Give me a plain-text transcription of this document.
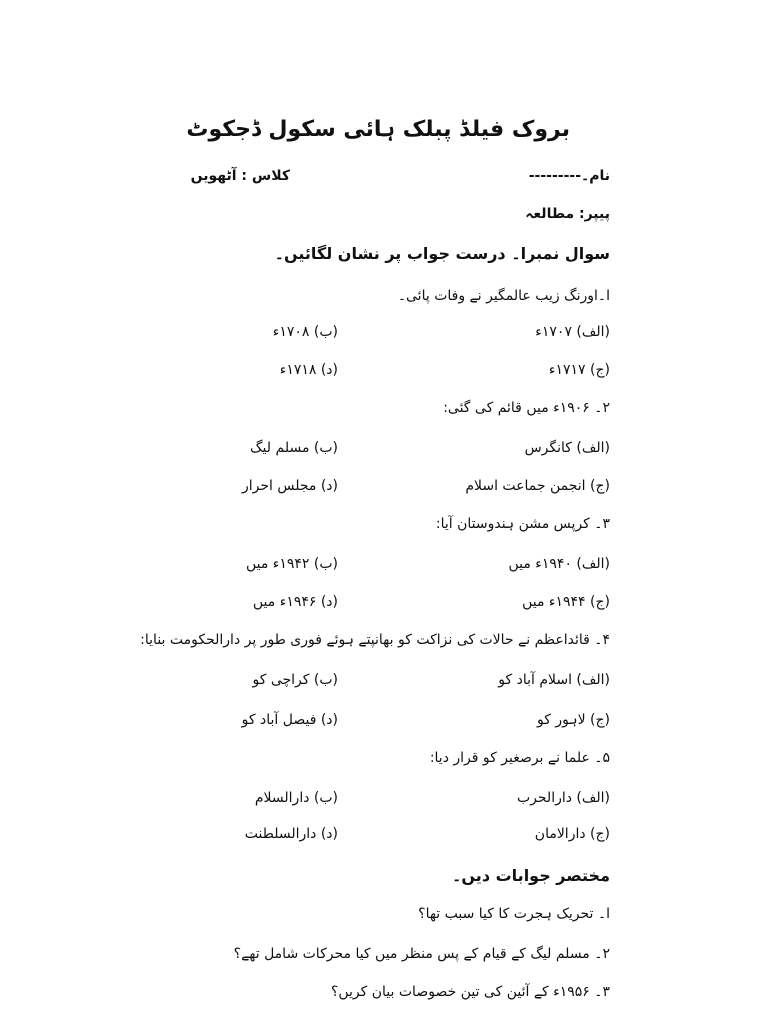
بروک فیلڈ پبلک ہائی سکول ڈجکوٹ
نام۔---------
کلاس : آٹھویں
پیپر: مطالعہ
سوال نمبرا۔ درست جواب پر نشان لگائیں۔
ا۔اورنگ زیب عالمگیر نے وفات پائی۔
(الف) ۱۷۰۷ء
(ب) ۱۷۰۸ء
(ج) ۱۷۱۷ء
(د) ۱۷۱۸ء
۲۔ ۱۹۰۶ء میں قائم کی گئی:
(الف) کانگرس
(ب) مسلم لیگ
(ج) انجمن جماعت اسلام
(د) مجلس احرار
۳۔ کرپس مشن ہندوستان آیا:
(الف) ۱۹۴۰ء میں
(ب) ۱۹۴۲ء میں
(ج) ۱۹۴۴ء میں
(د) ۱۹۴۶ء میں
۴۔ قائداعظم نے حالات کی نزاکت کو بھانپتے ہوئے فوری طور پر دارالحکومت بنایا:
(الف) اسلام آباد کو
(ب) کراچی کو
(ج) لاہور کو
(د) فیصل آباد کو
۵۔ علما نے برصغیر کو قرار دیا:
(الف) دارالحرب
(ب) دارالسلام
(ج) دارالامان
(د) دارالسلطنت
مختصر جوابات دیں۔
ا۔ تحریک ہجرت کا کیا سبب تھا؟
۲۔ مسلم لیگ کے قیام کے پس منظر میں کیا محرکات شامل تھے؟
۳۔ ۱۹۵۶ء کے آئین کی تین خصوصات بیان کریں؟
